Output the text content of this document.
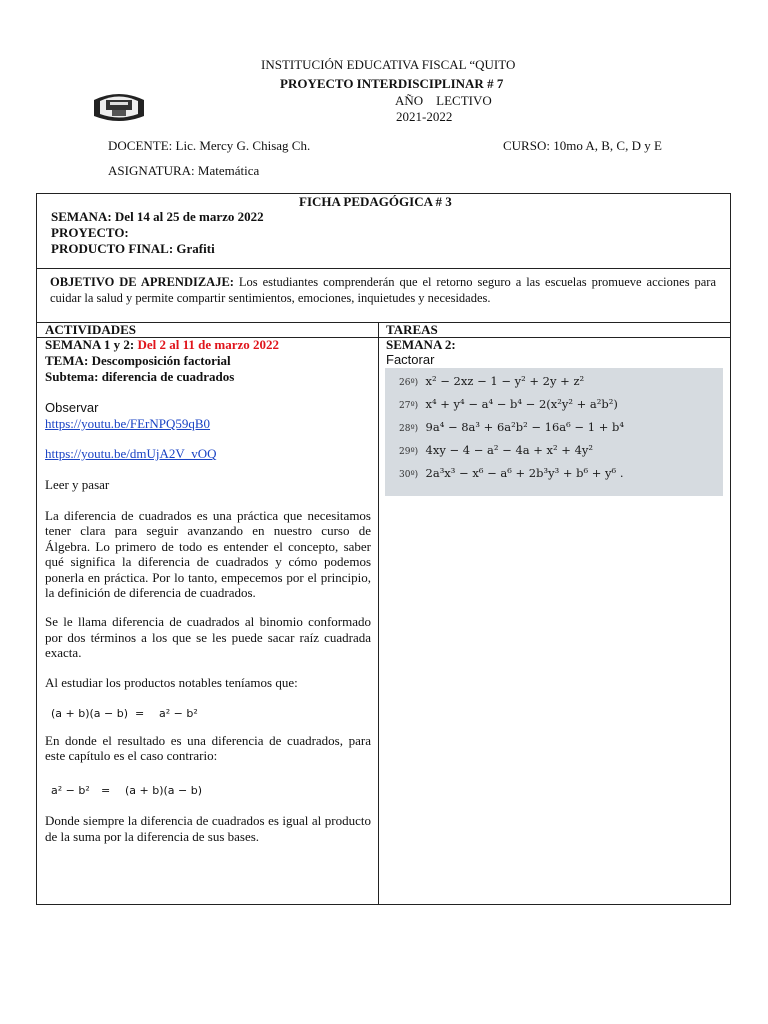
INSTITUCIÓN EDUCATIVA FISCAL “QUITO
PROYECTO INTERDISCIPLINAR # 7
AÑO    LECTIVO
2021-2022
DOCENTE: Lic. Mercy G. Chisag Ch.	CURSO: 10mo A, B, C, D y E
ASIGNATURA: Matemática
FICHA PEDAGÓGICA # 3
SEMANA: Del 14 al 25 de marzo 2022
PROYECTO:
PRODUCTO FINAL: Grafiti
OBJETIVO DE APRENDIZAJE: Los estudiantes comprenderán que el retorno seguro a las escuelas promueve acciones para cuidar la salud y permite compartir sentimientos, emociones, inquietudes y necesidades.
ACTIVIDADES	TAREAS
SEMANA 1 y 2: Del 2 al 11 de marzo 2022
TEMA: Descomposición factorial
Subtema: diferencia de cuadrados
Observar
https://youtu.be/FErNPQ59qB0
https://youtu.be/dmUjA2V_vOQ
Leer y pasar
La diferencia de cuadrados es una práctica que necesitamos tener clara para seguir avanzando en nuestro curso de Álgebra. Lo primero de todo es entender el concepto, saber qué significa la diferencia de cuadrados y cómo podemos ponerla en práctica. Por lo tanto, empecemos por el principio, la definición de diferencia de cuadrados.
Se le llama diferencia de cuadrados al binomio conformado por dos términos a los que se les puede sacar raíz cuadrada exacta.
Al estudiar los productos notables teníamos que:
(a + b)(a − b) = a² − b²
En donde el resultado es una diferencia de cuadrados, para este capítulo es el caso contrario:
a² − b² = (a + b)(a − b)
Donde siempre la diferencia de cuadrados es igual al producto de la suma por la diferencia de sus bases.
SEMANA 2:
Factorar
26º) x² − 2xz − 1 − y² + 2y + z²
27º) x⁴ + y⁴ − a⁴ − b⁴ − 2(x²y² + a²b²)
28º) 9a⁴ − 8a³ + 6a²b² − 16a⁶ − 1 + b⁴
29º) 4xy − 4 − a² − 4a + x² + 4y²
30º) 2a³x³ − x⁶ − a⁶ + 2b³y³ + b⁶ + y⁶ .
